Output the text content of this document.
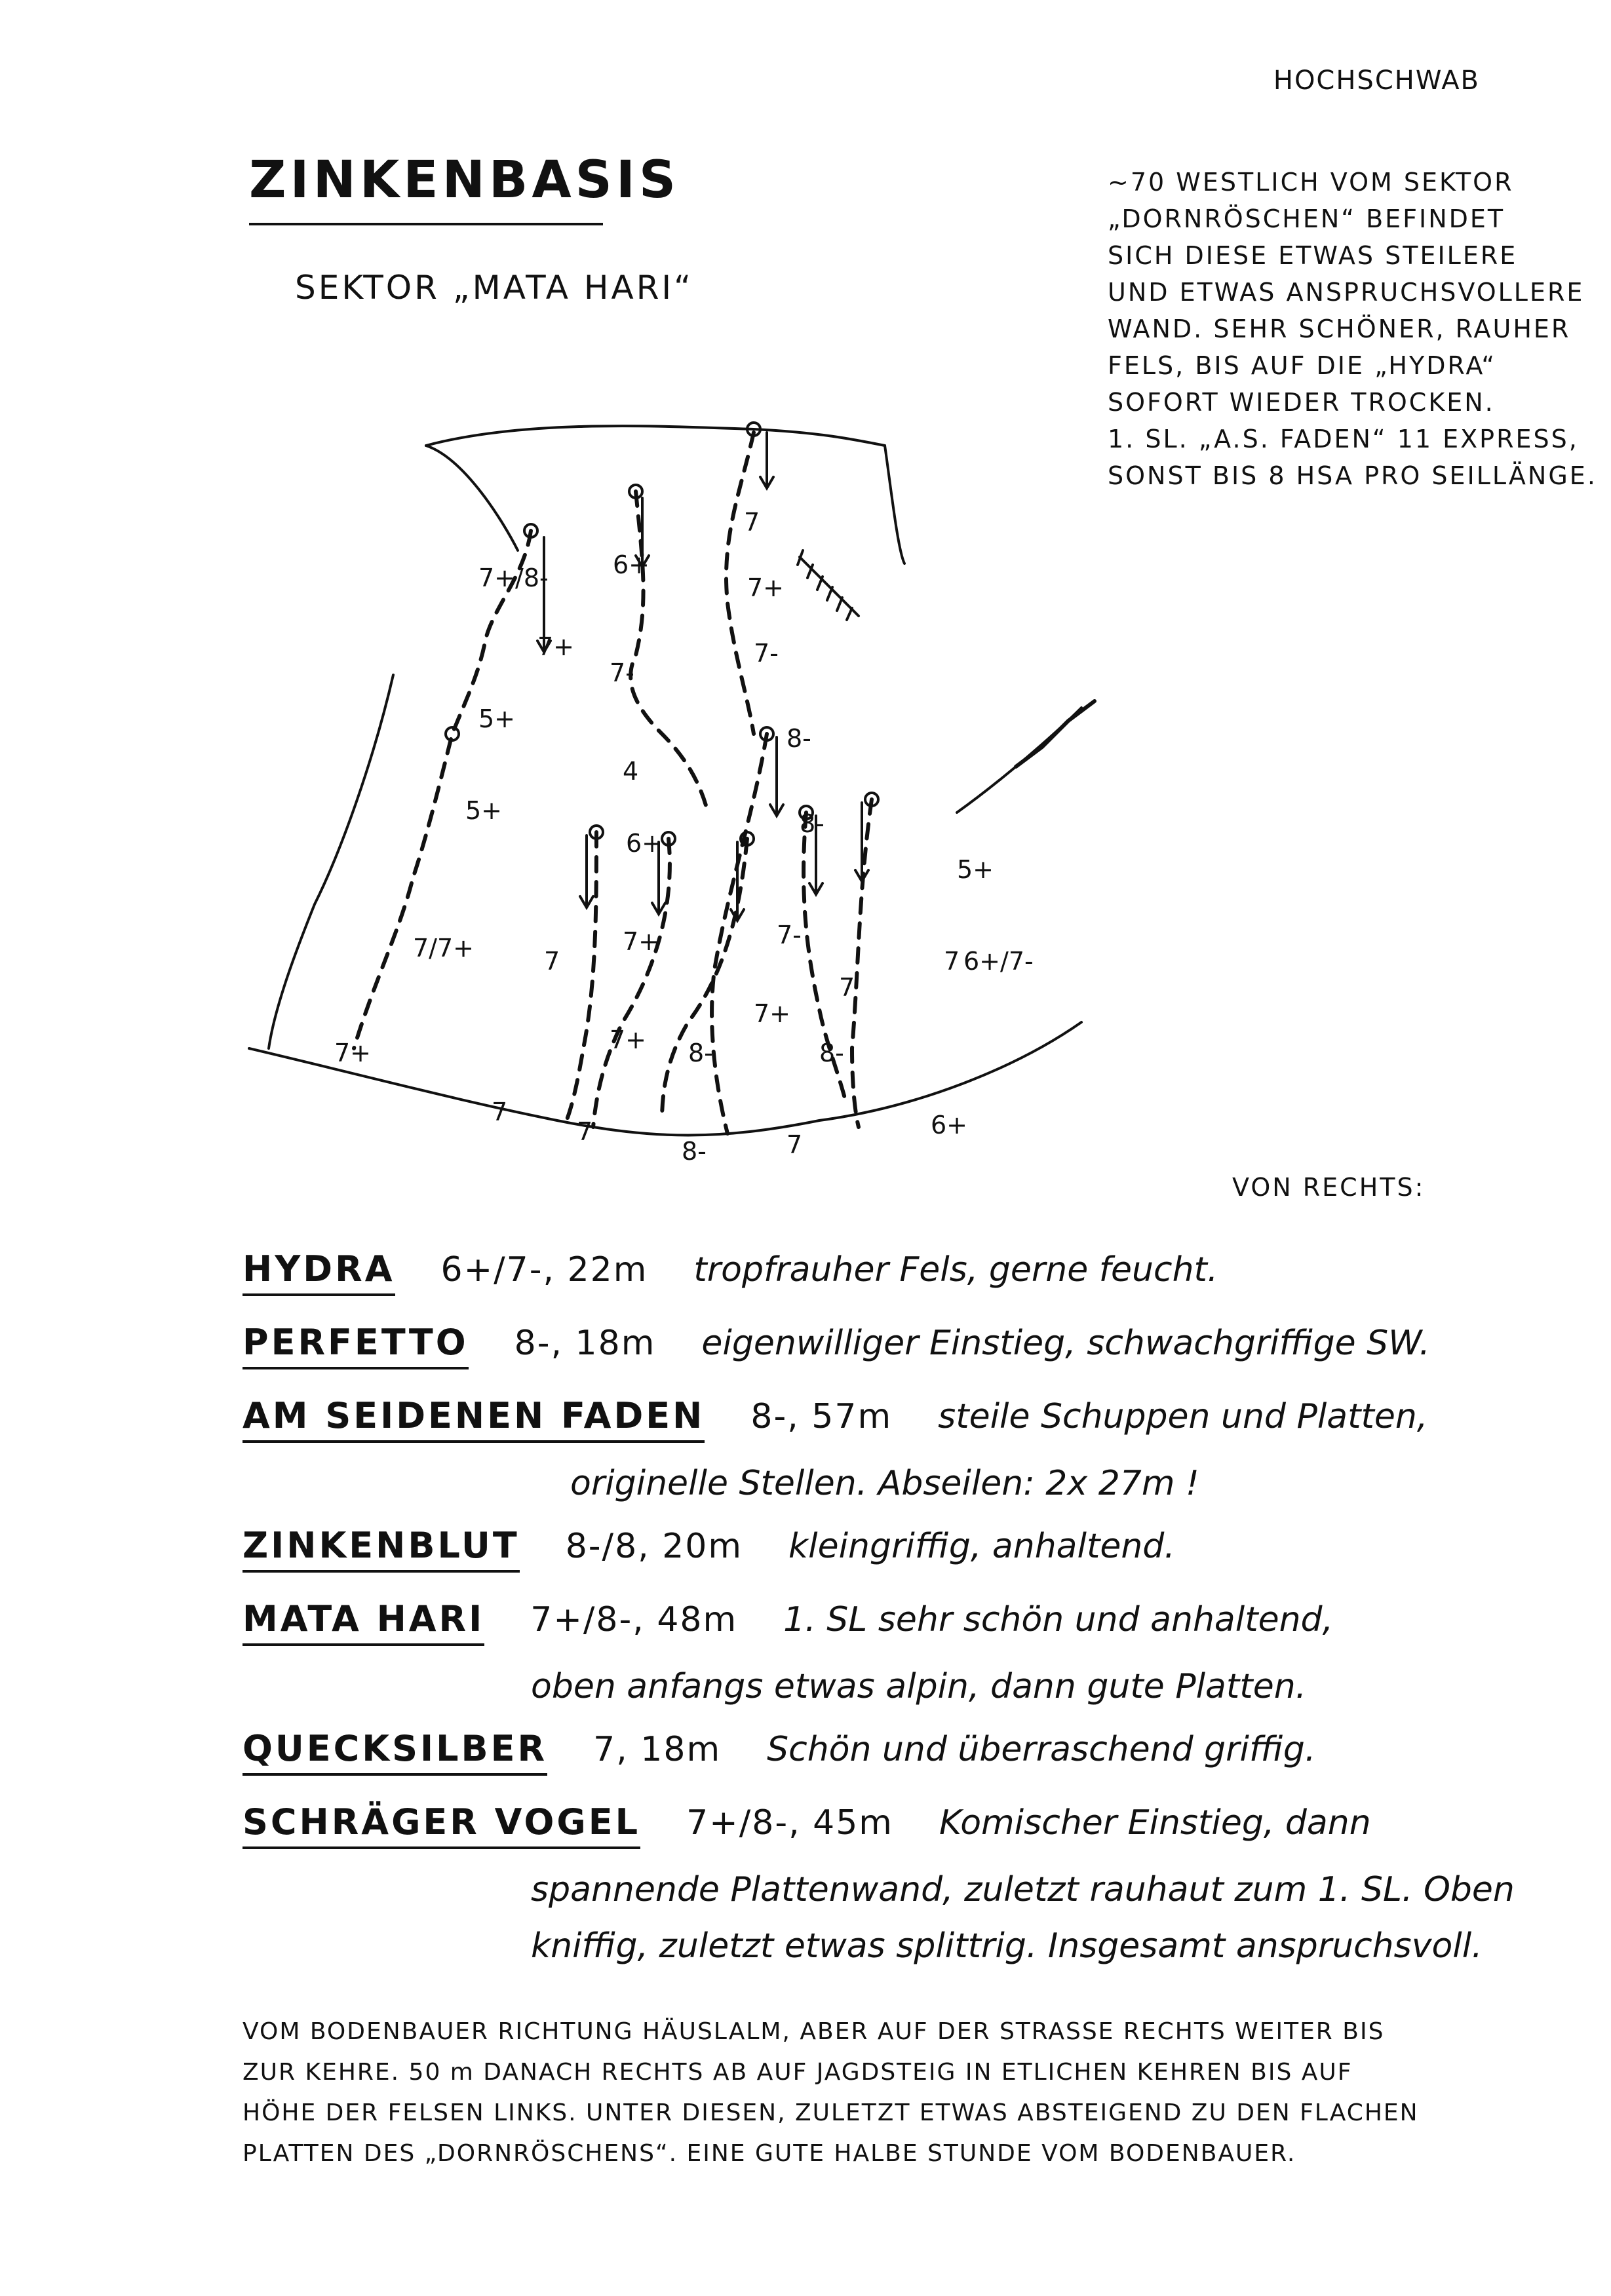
HOCHSCHWAB
ZINKENBASIS
SEKTOR „MATA HARI“
~70 WESTLICH VOM SEKTOR
„DORNRÖSCHEN“ BEFINDET
SICH DIESE ETWAS STEILERE
UND ETWAS ANSPRUCHSVOLLERE
WAND. SEHR SCHÖNER, RAUHER
FELS, BIS AUF DIE „HYDRA“
SOFORT WIEDER TROCKEN.
1. SL. „A.S. FADEN“ 11 EXPRESS,
SONST BIS 8 HSA PRO SEILLÄNGE.
7+/8-	6+
7
7+
7+
7-
7-
5+
4
8-
5+
6+
8-
5+
7/7+	7
7+	7-
7+
6+/7-
7
7
8-
7+	8-
7+
7
7
8-	7
6+
VON RECHTS:
HYDRA 6+/7-, 22m tropfrauher Fels, gerne feucht.
PERFETTO 8-, 18m eigenwilliger Einstieg, schwachgriffige SW.
AM SEIDENEN FADEN 8-, 57m steile Schuppen und Platten,
originelle Stellen. Abseilen: 2x 27m !
ZINKENBLUT 8-/8, 20m kleingriffig, anhaltend.
MATA HARI 7+/8-, 48m 1. SL sehr schön und anhaltend,
oben anfangs etwas alpin, dann gute Platten.
QUECKSILBER 7, 18m Schön und überraschend griffig.
SCHRÄGER VOGEL 7+/8-, 45m Komischer Einstieg, dann
spannende Plattenwand, zuletzt rauhaut zum 1. SL. Oben
kniffig, zuletzt etwas splittrig. Insgesamt anspruchsvoll.
VOM BODENBAUER RICHTUNG HÄUSLALM, ABER AUF DER STRASSE RECHTS WEITER BIS
ZUR KEHRE. 50 m DANACH RECHTS AB AUF JAGDSTEIG IN ETLICHEN KEHREN BIS AUF
HÖHE DER FELSEN LINKS. UNTER DIESEN, ZULETZT ETWAS ABSTEIGEND ZU DEN FLACHEN
PLATTEN DES „DORNRÖSCHENS“. EINE GUTE HALBE STUNDE VOM BODENBAUER.
